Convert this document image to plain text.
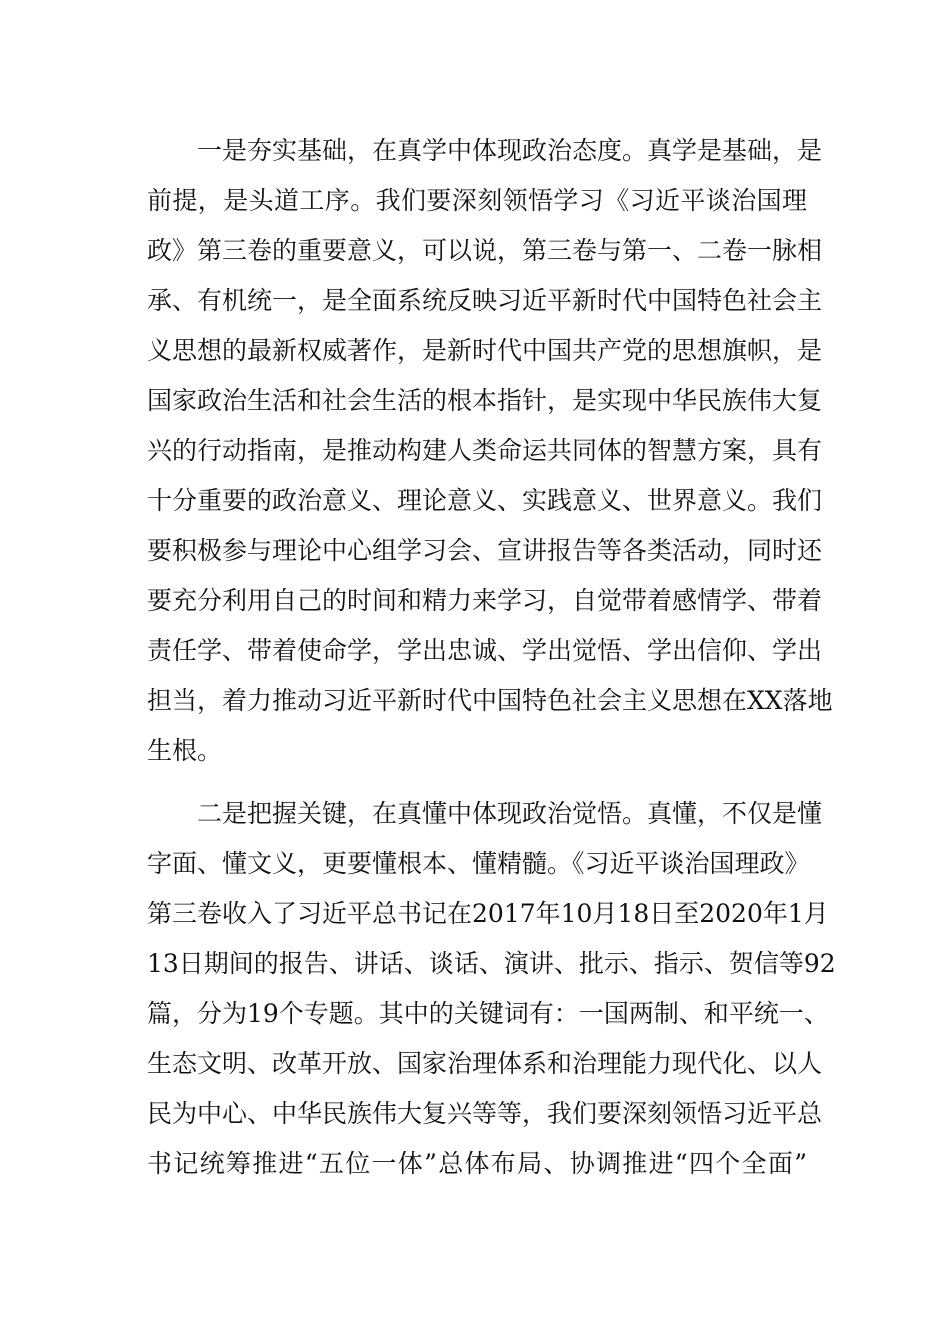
一是夯实基础，在真学中体现政治态度。真学是基础，是
前提，是头道工序。我们要深刻领悟学习《习近平谈治国理
政》第三卷的重要意义，可以说，第三卷与第一、二卷一脉相
承、有机统一，是全面系统反映习近平新时代中国特色社会主
义思想的最新权威著作，是新时代中国共产党的思想旗帜，是
国家政治生活和社会生活的根本指针，是实现中华民族伟大复
兴的行动指南，是推动构建人类命运共同体的智慧方案，具有
十分重要的政治意义、理论意义、实践意义、世界意义。我们
要积极参与理论中心组学习会、宣讲报告等各类活动，同时还
要充分利用自己的时间和精力来学习，自觉带着感情学、带着
责任学、带着使命学，学出忠诚、学出觉悟、学出信仰、学出
担当，着力推动习近平新时代中国特色社会主义思想在XX落地
生根。
二是把握关键，在真懂中体现政治觉悟。真懂，不仅是懂
字面、懂文义，更要懂根本、懂精髓。《习近平谈治国理政》
第三卷收入了习近平总书记在2017年10月18日至2020年1月
13日期间的报告、讲话、谈话、演讲、批示、指示、贺信等92
篇，分为19个专题。其中的关键词有：一国两制、和平统一、
生态文明、改革开放、国家治理体系和治理能力现代化、以人
民为中心、中华民族伟大复兴等等，我们要深刻领悟习近平总
书记统筹推进“五位一体”总体布局、协调推进“四个全面”
